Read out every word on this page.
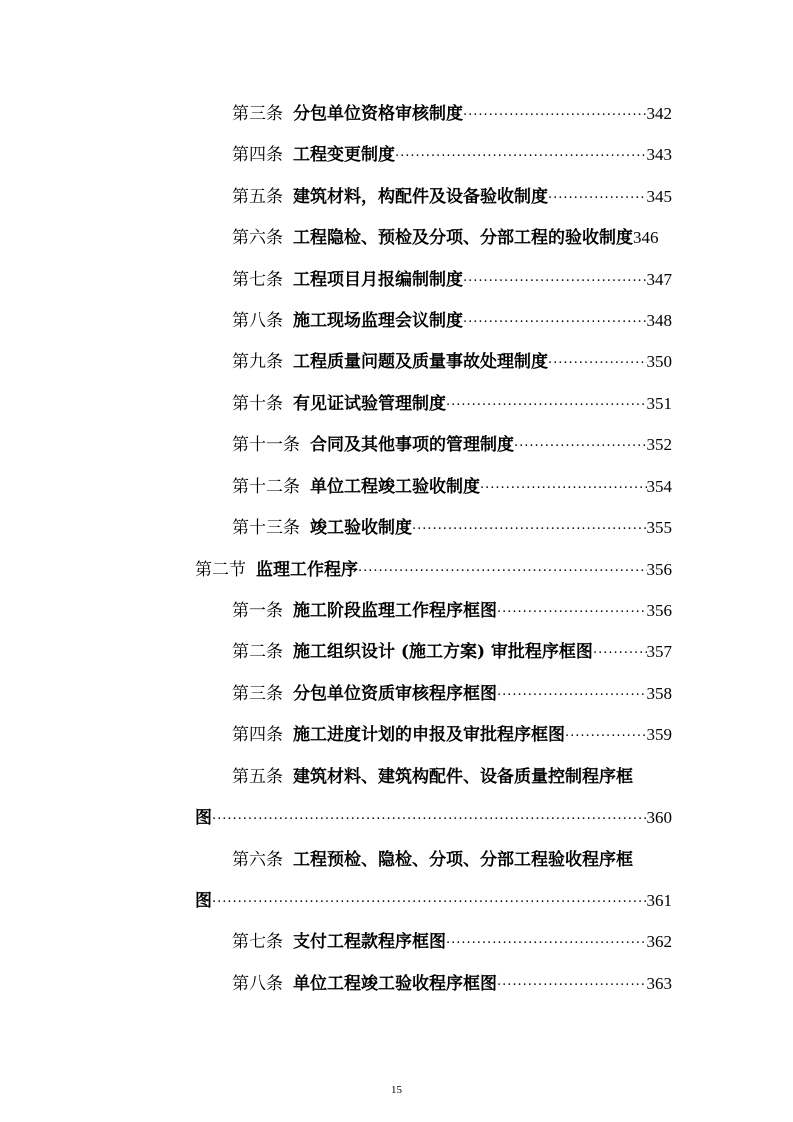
第三条 分包单位资格审核制度 .....	342
第四条 工程变更制度 .....	343
第五条 建筑材料，构配件及设备验收制度 .....	345
第六条 工程隐检、预检及分项、分部工程的验收制度 346
第七条 工程项目月报编制制度 .....	347
第八条 施工现场监理会议制度 .....	348
第九条 工程质量问题及质量事故处理制度 .....	350
第十条 有见证试验管理制度 .....	351
第十一条 合同及其他事项的管理制度 .....	352
第十二条 单位工程竣工验收制度 .....	354
第十三条 竣工验收制度 .....	355
第二节 监理工作程序 .....	356
第一条 施工阶段监理工作程序框图 .....	356
第二条 施工组织设计 (施工方案) 审批程序框图 .....	357
第三条 分包单位资质审核程序框图 .....	358
第四条 施工进度计划的申报及审批程序框图 .....	359
第五条 建筑材料、建筑构配件、设备质量控制程序框
图 .....	360
第六条 工程预检、隐检、分项、分部工程验收程序框
图 .....	361
第七条 支付工程款程序框图 .....	362
第八条 单位工程竣工验收程序框图 .....	363
15
